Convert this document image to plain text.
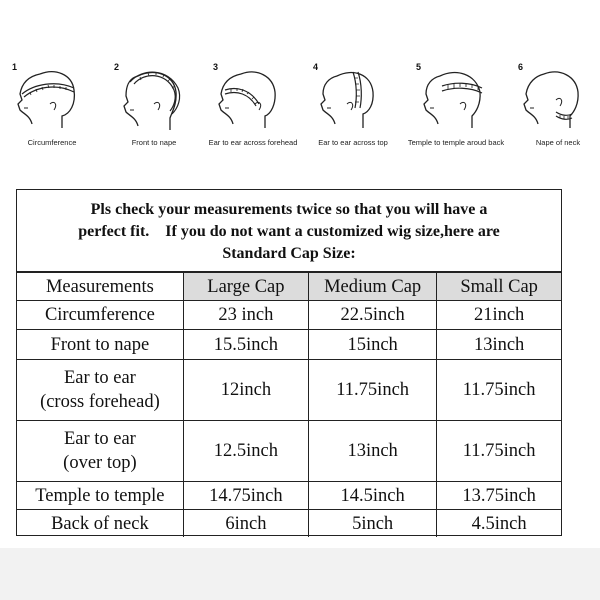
1
Circumference
2
Front to nape
3
Ear to ear across forehead
4
Ear to ear across top
5
Temple to temple aroud back
6
Nape of neck
Pls check your measurements twice so that you will have a
perfect fit.    If you do not want a customized wig size,here are
Standard Cap Size:
Measurements	Large Cap	Medium Cap	Small Cap
Circumference	23 inch	22.5inch	21inch
Front to nape	15.5inch	15inch	13inch

Ear to ear
(cross forehead)	12inch	11.75inch	11.75inch

Ear to ear
(over top)	12.5inch	13inch	11.75inch
Temple to temple	14.75inch	14.5inch	13.75inch
Back of neck	6inch	5inch	4.5inch
